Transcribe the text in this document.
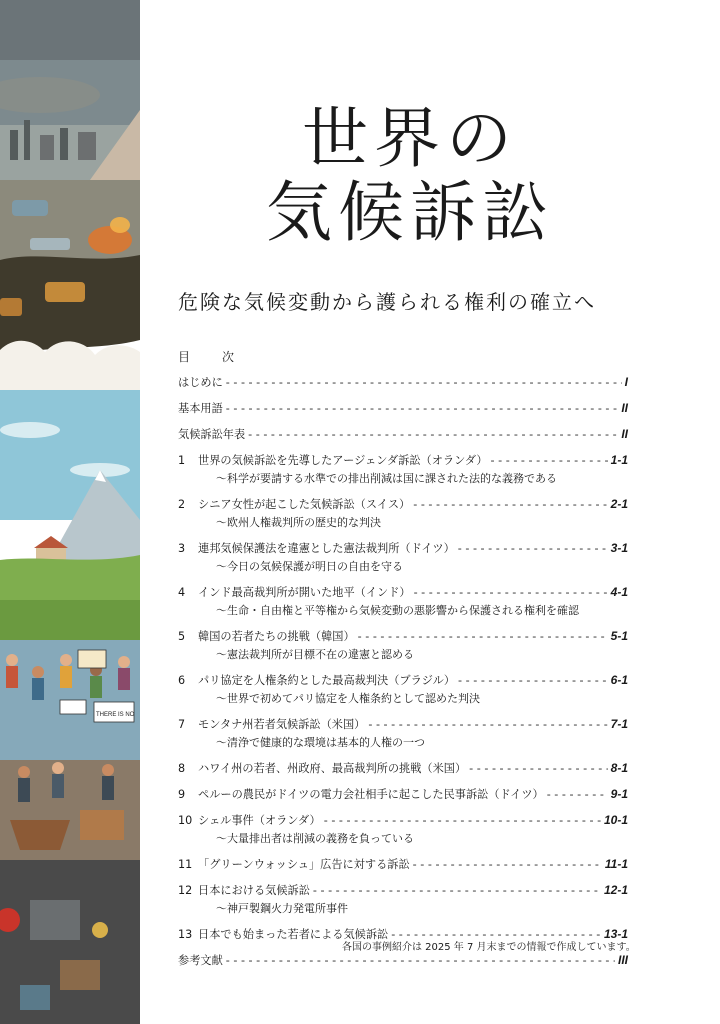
THERE IS NO
世界の
気候訴訟
危険な気候変動から護られる権利の確立へ
目　次
はじめに - - -	I
基本用語 - - -	II
気候訴訟年表 - - -	II
1	世界の気候訴訟を先導したアージェンダ訴訟（オランダ） - - -	1-1
～科学が要請する水準での排出削減は国に課された法的な義務である
2	シニア女性が起こした気候訴訟（スイス） - - -	2-1
～欧州人権裁判所の歴史的な判決
3	連邦気候保護法を違憲とした憲法裁判所（ドイツ） - - -	3-1
～今日の気候保護が明日の自由を守る
4	インド最高裁判所が開いた地平（インド） - - -	4-1
～生命・自由権と平等権から気候変動の悪影響から保護される権利を確認
5	韓国の若者たちの挑戦（韓国） - - -	5-1
～憲法裁判所が目標不在の違憲と認める
6	パリ協定を人権条約とした最高裁判決（ブラジル） - - -	6-1
～世界で初めてパリ協定を人権条約として認めた判決
7	モンタナ州若者気候訴訟（米国） - - -	7-1
～清浄で健康的な環境は基本的人権の一つ
8	ハワイ州の若者、州政府、最高裁判所の挑戦（米国） - - -	8-1
9	ペルーの農民がドイツの電力会社相手に起こした民事訴訟（ドイツ） - - -	9-1
10 シェル事件（オランダ） - - -	10-1
～大量排出者は削減の義務を負っている
11 「グリーンウォッシュ」広告に対する訴訟 - - -	11-1
12 日本における気候訴訟 - - -	12-1
～神戸製鋼火力発電所事件
13 日本でも始まった若者による気候訴訟 - - -	13-1
参考文献 - - -	III
各国の事例紹介は 2025 年 7 月末までの情報で作成しています。
